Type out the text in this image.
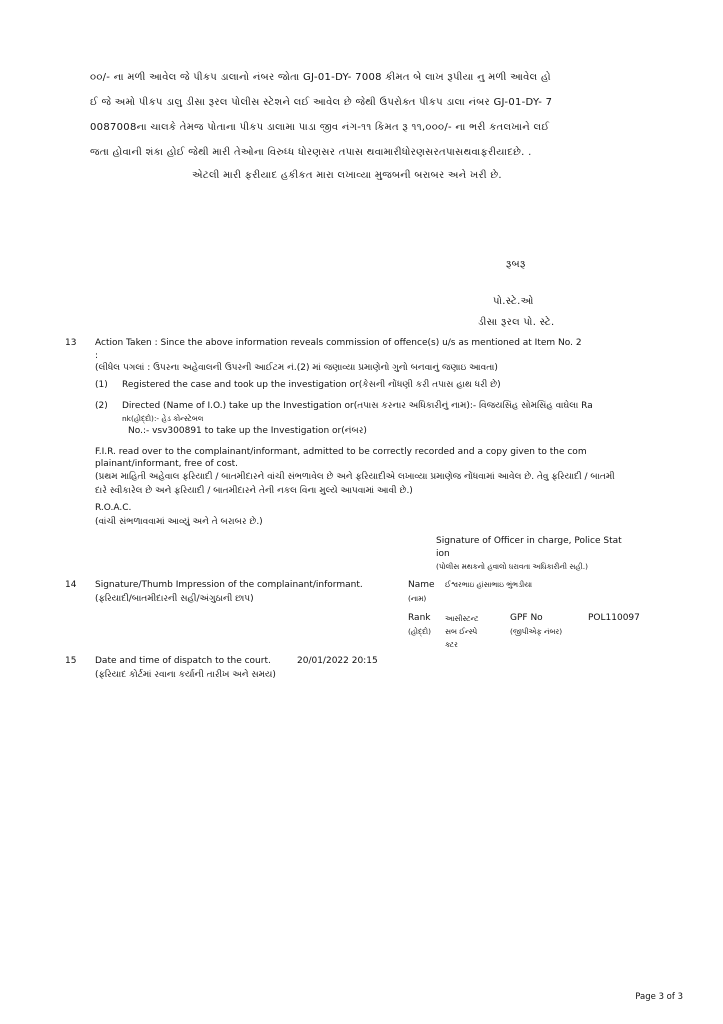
૦૦/- ના મળી આવેલ જે પીકપ ડાલાનો નંબર જોતા GJ-01-DY- 7008 કીમત બે લાખ રૂપીયા નુ મળી આવેલ હો
ઈ જે અમો પીકપ ડાલુ ડીસા રૂરલ પોલીસ સ્ટેશને લઈ આવેલ છે જેથી ઉપરોક્ત પીકપ ડાલા નંબર GJ-01-DY- 7
0087008ના ચાલકે તેમજ પોતાના પીકપ ડાલામા પાડા જીવ નંગ-૧૧ કિમત રૂ ૧૧,૦૦૦/- ના ભરી કતલખાને લઈ
જતા હોવાની શંકા હોઈ જેથી મારી તેઓના વિરુધ્ધ ધોરણસર તપાસ થવામારીધોરણસરતપાસથવાફરીયાદછે. .
એટલી મારી ફરીયાદ હકીકત મારા લખાવ્યા મુજબની બરાબર અને ખરી છે.
રૂબરૂ
પો.સ્ટે.ઓ
ડીસા રૂરલ પો. સ્ટે.
13 Action Taken : Since the above information reveals commission of offence(s) u/s as mentioned at Item No. 2
:
(લીધેલ પગલાં : ઉપરના અહેવાલની ઉપરની આઈટમ નં.(2) માં જણાવ્યા પ્રમાણેનો ગુનો બનવાનું જણાઇ આવતા)
(1) Registered the case and took up the investigation or(કેસની નોંધણી કરી તપાસ હાથ ધરી છે)
(2) Directed (Name of I.O.) take up the Investigation or(તપાસ કરનાર અધિકારીનું નામ):- વિજયસિંહ સોમસિંહ વાઘેલા Ra
nk(હોદ્દો):- હેડ કોન્સ્ટેબલ
No.:- vsv300891 to take up the Investigation or(નંબર)
F.I.R. read over to the complainant/informant, admitted to be correctly recorded and a copy given to the com
plainant/informant, free of cost.
(પ્રથમ માહિતી અહેવાલ ફરિયાદી / બાતમીદારને વાંચી સંભળાવેલ છે અને ફરિયાદીએ લખાવ્યા પ્રમાણેજ નોંધવામાં આવેલ છે. તેવુ ફરિયાદી / બાતમી
દારે સ્વીકારેલ છે અને ફરિયાદી / બાતમીદારને તેની નકલ વિના મુલ્યે આપવામાં આવી છે.)
R.O.A.C.
(વાંચી સંભળાવવામાં આવ્યું અને તે બરાબર છે.)
Signature of Officer in charge, Police Stat
ion
(પોલીસ મથકનો હવાલો ધરાવતા અધિકારીની સહી.)
14 Signature/Thumb Impression of the complainant/informant.
(ફરિયાદી/બાતમીદારની સહી/અંગુઠાની છાપ)
Name
(નામ)
ઈશ્વરભાઇ હાંસાભાઇ ભુંભડીયા
Rank
(હોદ્દો)
આસીસ્ટન્ટ
સબ ઈન્સ્પે
ક્ટર
GPF No
(જીપીએફ નંબર)
POL110097
15 Date and time of dispatch to the court.	20/01/2022 20:15
(ફરિયાદ કોર્ટમાં રવાના કર્યાની તારીખ અને સમય)
Page 3 of 3
